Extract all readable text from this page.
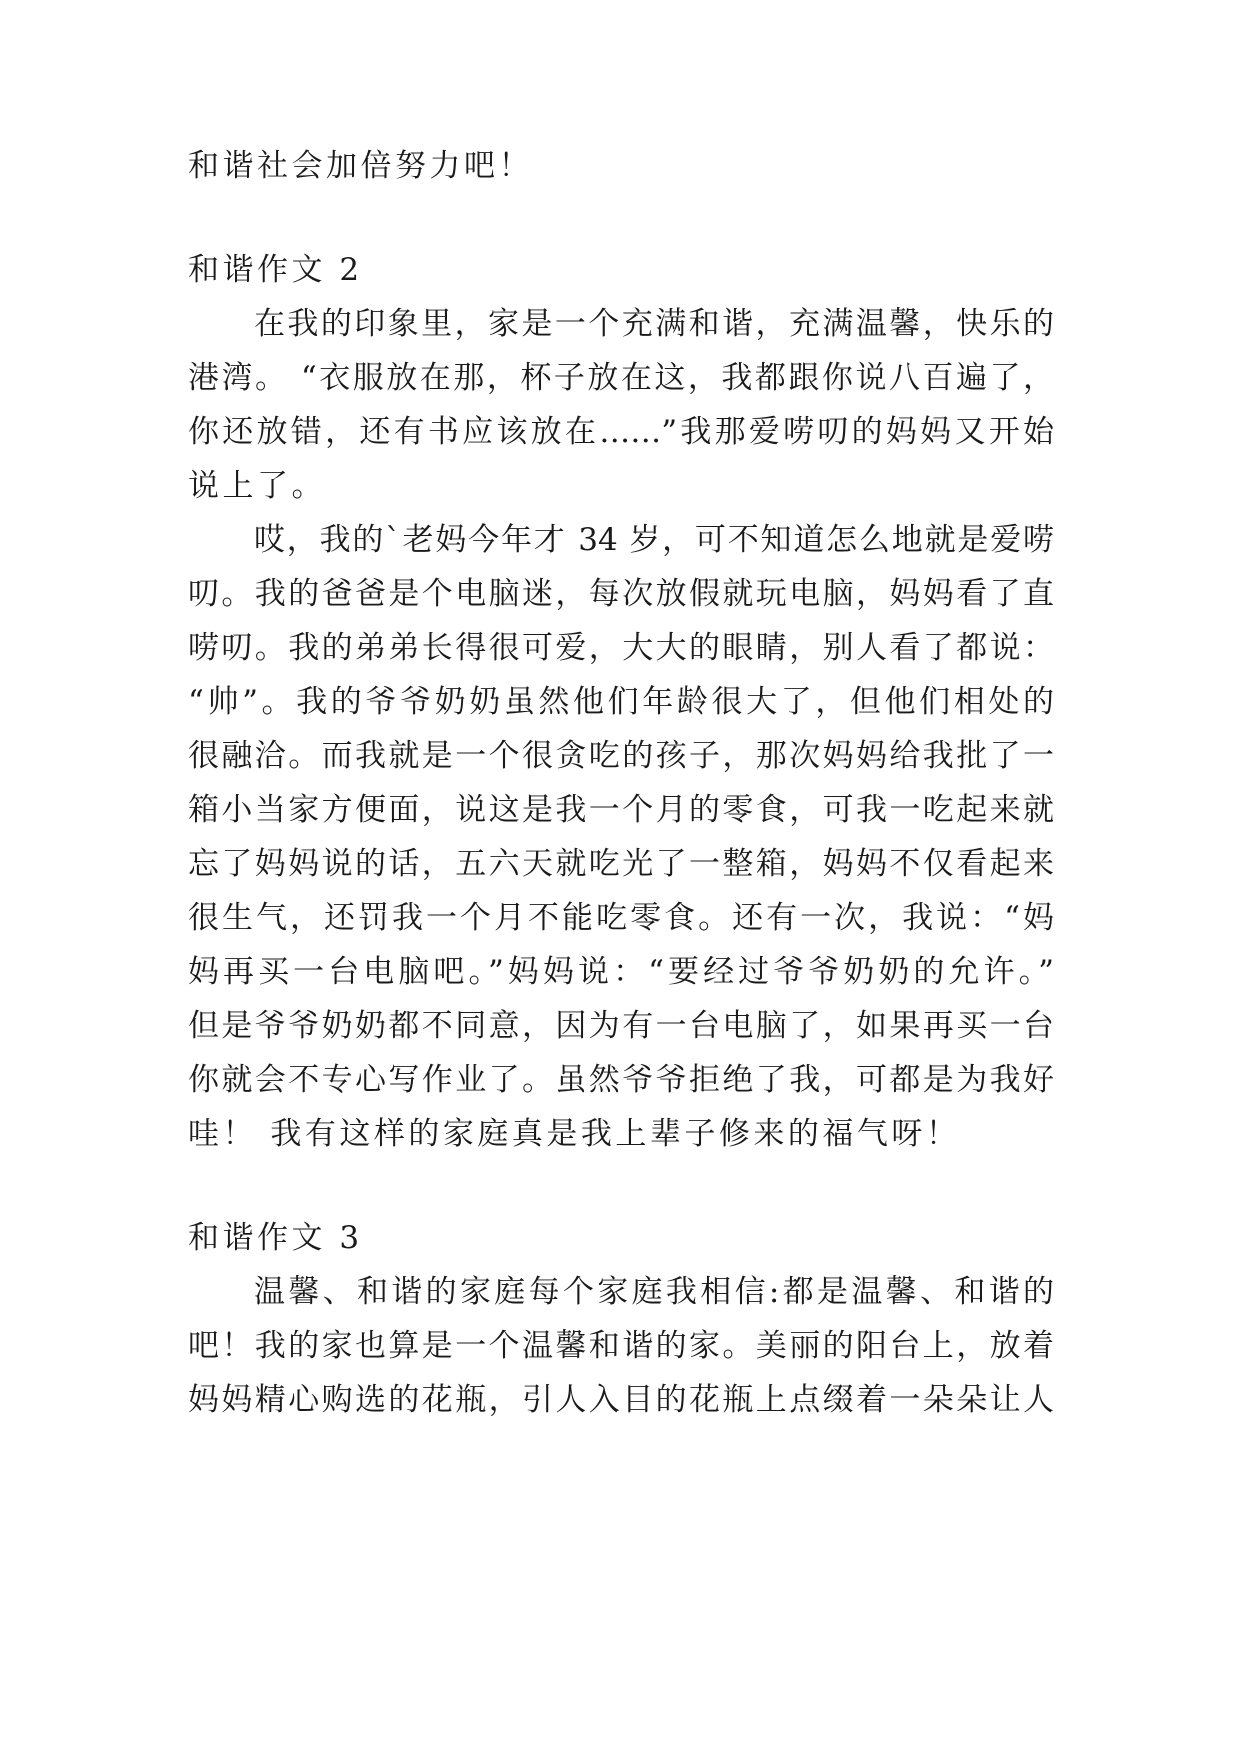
和谐社会加倍努力吧！
和谐作文 2
在我的印象里，家是一个充满和谐，充满温馨，快乐的
港湾。 “衣服放在那，杯子放在这，我都跟你说八百遍了，
你还放错，还有书应该放在……”我那爱唠叨的妈妈又开始
说上了。
哎，我的`老妈今年才 34 岁，可不知道怎么地就是爱唠
叨。我的爸爸是个电脑迷，每次放假就玩电脑，妈妈看了直
唠叨。我的弟弟长得很可爱，大大的眼睛，别人看了都说：
“帅”。我的爷爷奶奶虽然他们年龄很大了，但他们相处的
很融洽。而我就是一个很贪吃的孩子，那次妈妈给我批了一
箱小当家方便面，说这是我一个月的零食，可我一吃起来就
忘了妈妈说的话，五六天就吃光了一整箱，妈妈不仅看起来
很生气，还罚我一个月不能吃零食。还有一次，我说：“妈
妈再买一台电脑吧。”妈妈说：“要经过爷爷奶奶的允许。”
但是爷爷奶奶都不同意，因为有一台电脑了，如果再买一台
你就会不专心写作业了。虽然爷爷拒绝了我，可都是为我好
哇！ 我有这样的家庭真是我上辈子修来的福气呀！
和谐作文 3
温馨、和谐的家庭每个家庭我相信:都是温馨、和谐的
吧！我的家也算是一个温馨和谐的家。美丽的阳台上，放着
妈妈精心购选的花瓶，引人入目的花瓶上点缀着一朵朵让人
